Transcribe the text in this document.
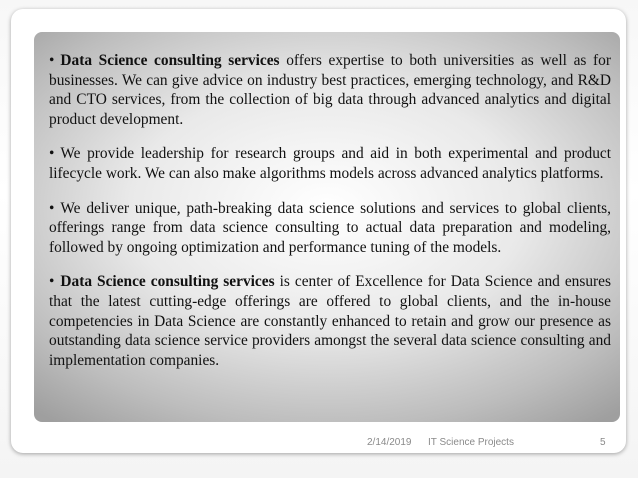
• Data Science consulting services offers expertise to both universities as well as for businesses. We can give advice on industry best practices, emerging technology, and R&D and CTO services, from the collection of big data through advanced analytics and digital product development.

• We provide leadership for research groups and aid in both experimental and product lifecycle work. We can also make algorithms models across advanced analytics platforms.

• We deliver unique, path-breaking data science solutions and services to global clients, offerings range from data science consulting to actual data preparation and modeling, followed by ongoing optimization and performance tuning of the models.

• Data Science consulting services is center of Excellence for Data Science and ensures that the latest cutting-edge offerings are offered to global clients, and the in-house competencies in Data Science are constantly enhanced to retain and grow our presence as outstanding data science service providers amongst the several data science consulting and implementation companies.

2/14/2019 IT Science Projects	5
